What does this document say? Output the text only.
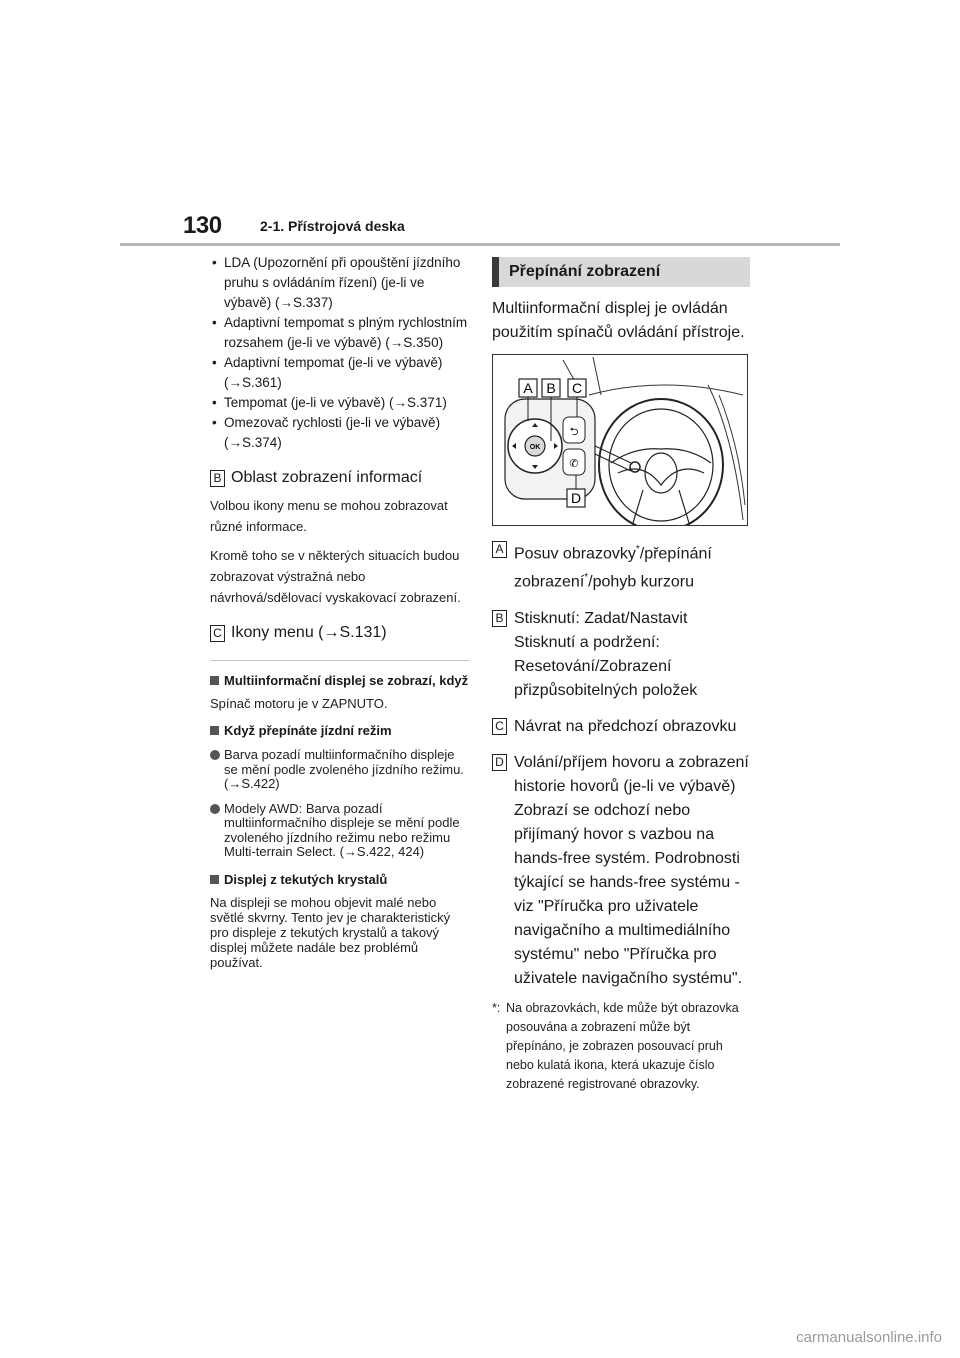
130	2-1. Přístrojová deska
• LDA (Upozornění při opouštění jízdního pruhu s ovládáním řízení) (je-li ve výbavě) (→S.337)
• Adaptivní tempomat s plným rychlostním rozsahem (je-li ve výbavě) (→S.350)
• Adaptivní tempomat (je-li ve výbavě) (→S.361)
• Tempomat (je-li ve výbavě) (→S.371)
• Omezovač rychlosti (je-li ve výbavě) (→S.374)
B Oblast zobrazení informací
Volbou ikony menu se mohou zobrazovat různé informace.
Kromě toho se v některých situacích budou zobrazovat výstražná nebo návrhová/sdělovací vyskakovací zobrazení.
C Ikony menu (→S.131)
Multiinformační displej se zobrazí, když
Spínač motoru je v ZAPNUTO.
Když přepínáte jízdní režim
Barva pozadí multiinformačního displeje se mění podle zvoleného jízdního režimu. (→S.422)
Modely AWD: Barva pozadí multiinformačního displeje se mění podle zvoleného jízdního režimu nebo režimu Multi-terrain Select. (→S.422, 424)
Displej z tekutých krystalů
Na displeji se mohou objevit malé nebo světlé skvrny. Tento jev je charakteristický pro displeje z tekutých krystalů a takový displej můžete nadále bez problémů používat.
Přepínání zobrazení
Multiinformační displej je ovládán použitím spínačů ovládání přístroje.
OK
⮌
✆
A B C
D
A Posuv obrazovky*/přepínání zobrazení*/pohyb kurzoru
B Stisknutí: Zadat/Nastavit Stisknutí a podržení: Resetování/Zobrazení přizpůsobitelných položek
C Návrat na předchozí obrazovku
D Volání/příjem hovoru a zobrazení historie hovorů (je-li ve výbavě) Zobrazí se odchozí nebo přijímaný hovor s vazbou na hands-free systém. Podrobnosti týkající se hands-free systému - viz "Příručka pro uživatele navigačního a multimediálního systému" nebo "Příručka pro uživatele navigačního systému".
*: Na obrazovkách, kde může být obrazovka posouvána a zobrazení může být přepínáno, je zobrazen posouvací pruh nebo kulatá ikona, která ukazuje číslo zobrazené registrované obrazovky.
carmanualsonline.info
